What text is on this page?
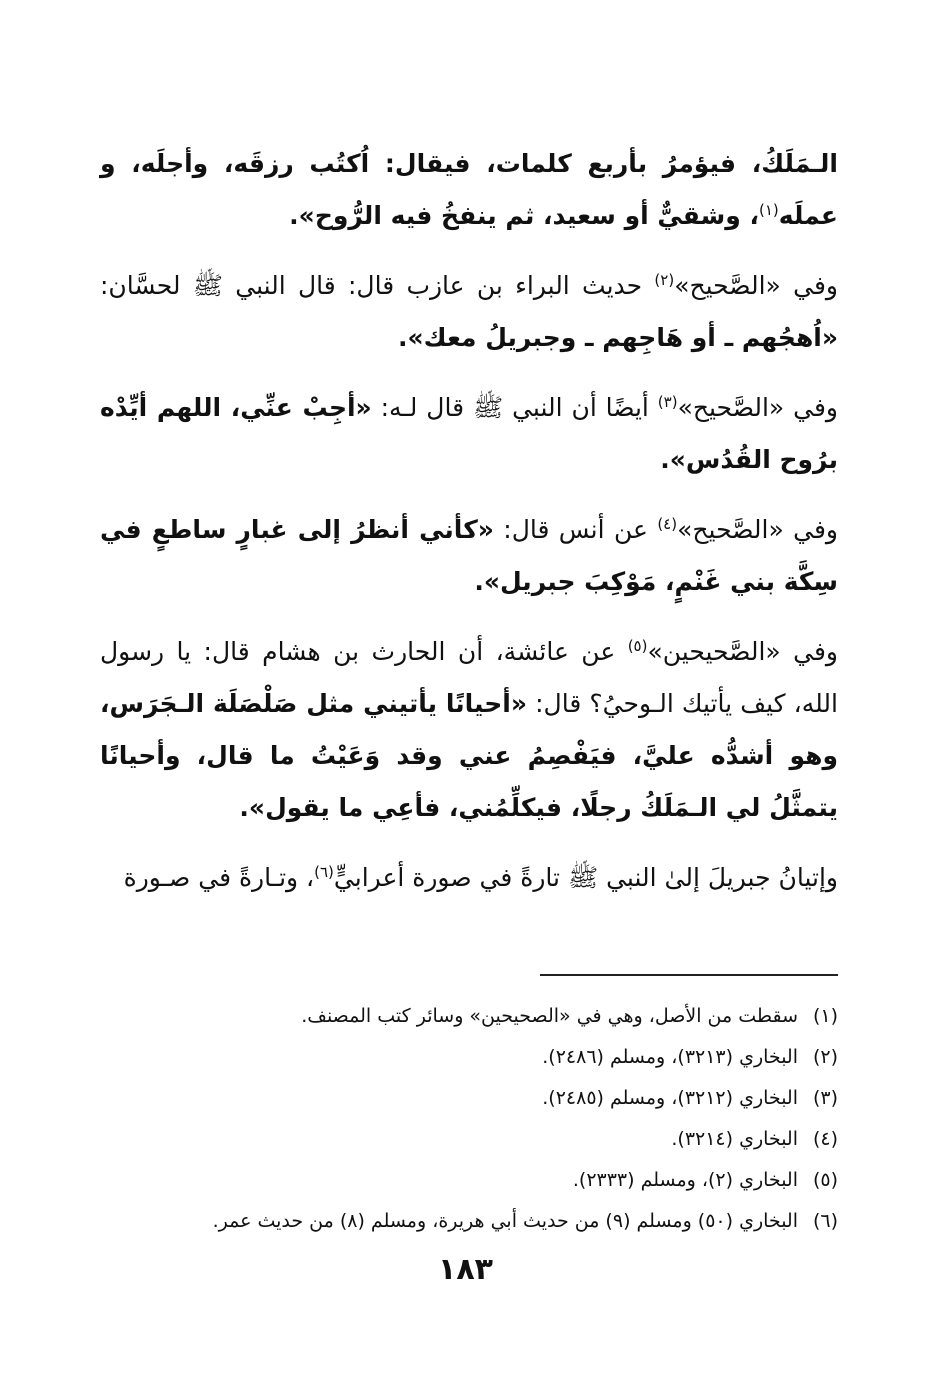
الـمَلَكُ، فيؤمرُ بأربع كلمات، فيقال: اُكتُب رزقَه، وأجلَه، و عملَه$^{(١)}$، وشقيٌّ أو سعيد، ثم ينفخُ فيه الرُّوح».

وفي «الصَّحيح»$^{(٢)}$ حديث البراء بن عازب قال: قال النبي ﷺ لحسَّان: «اُهجُهم ـ أو هَاجِهم ـ وجبريلُ معك».

وفي «الصَّحيح»$^{(٣)}$ أيضًا أن النبي ﷺ قال لـه: «أجِبْ عنِّي، اللهم أيِّدْه برُوح القُدُس».

وفي «الصَّحيح»$^{(٤)}$ عن أنس قال: «كأني أنظرُ إلى غبارٍ ساطعٍ في سِكَّة بني غَنْمٍ، مَوْكِبَ جبريل».

وفي «الصَّحيحين»$^{(٥)}$ عن عائشة، أن الحارث بن هشام قال: يا رسول الله، كيف يأتيك الـوحيُ؟ قال: «أحيانًا يأتيني مثل صَلْصَلَة الـجَرَس، وهو أشدُّه عليَّ، فيَفْصِمُ عني وقد وَعَيْتُ ما قال، وأحيانًا يتمثَّلُ لي الـمَلَكُ رجلًا، فيكلِّمُني، فأعِي ما يقول».

وإتيانُ جبريلَ إلىٰ النبي ﷺ تارةً في صورة أعرابيٍّ$^{(٦)}$، وتـارةً في صـورة

(١)
سقطت من الأصل، وهي في «الصحيحين» وسائر كتب المصنف.
(٢)
البخاري (٣٢١٣)، ومسلم (٢٤٨٦).
(٣)
البخاري (٣٢١٢)، ومسلم (٢٤٨٥).
(٤)
البخاري (٣٢١٤).
(٥)
البخاري (٢)، ومسلم (٢٣٣٣).
(٦)
البخاري (٥٠) ومسلم (٩) من حديث أبي هريرة، ومسلم (٨) من حديث عمر.
١٨٣
